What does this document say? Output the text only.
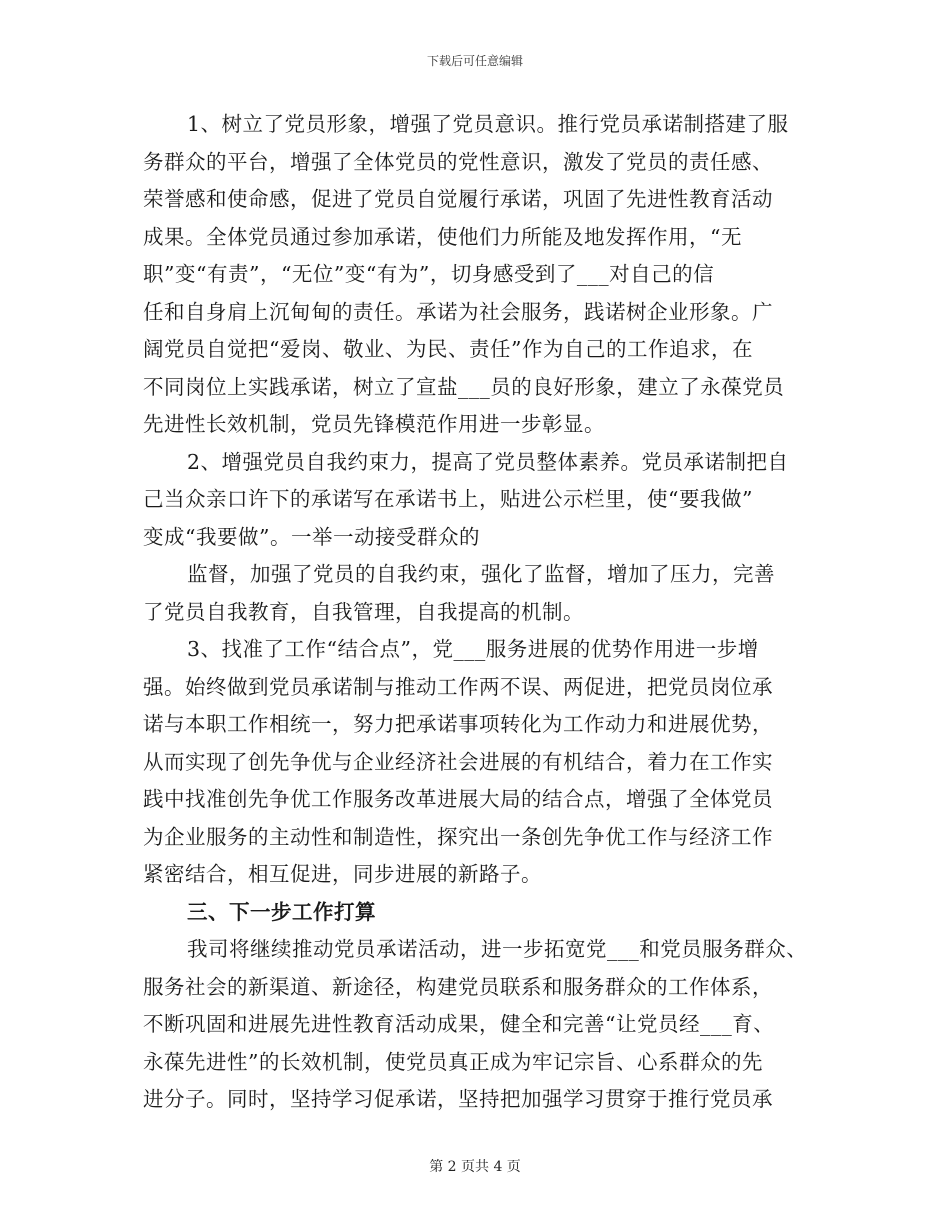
下载后可任意编辑
1、树立了党员形象，增强了党员意识。推行党员承诺制搭建了服
务群众的平台，增强了全体党员的党性意识，激发了党员的责任感、
荣誉感和使命感，促进了党员自觉履行承诺，巩固了先进性教育活动
成果。全体党员通过参加承诺，使他们力所能及地发挥作用，“无
职”变“有责”，“无位”变“有为”，切身感受到了___对自己的信
任和自身肩上沉甸甸的责任。承诺为社会服务，践诺树企业形象。广
阔党员自觉把“爱岗、敬业、为民、责任”作为自己的工作追求，在
不同岗位上实践承诺，树立了宣盐___员的良好形象，建立了永葆党员
先进性长效机制，党员先锋模范作用进一步彰显。
2、增强党员自我约束力，提高了党员整体素养。党员承诺制把自
己当众亲口许下的承诺写在承诺书上，贴进公示栏里，使“要我做”
变成“我要做”。一举一动接受群众的
监督，加强了党员的自我约束，强化了监督，增加了压力，完善
了党员自我教育，自我管理，自我提高的机制。
3、找准了工作“结合点”，党___服务进展的优势作用进一步增
强。始终做到党员承诺制与推动工作两不误、两促进，把党员岗位承
诺与本职工作相统一，努力把承诺事项转化为工作动力和进展优势，
从而实现了创先争优与企业经济社会进展的有机结合，着力在工作实
践中找准创先争优工作服务改革进展大局的结合点，增强了全体党员
为企业服务的主动性和制造性，探究出一条创先争优工作与经济工作
紧密结合，相互促进，同步进展的新路子。
三、下一步工作打算
我司将继续推动党员承诺活动，进一步拓宽党___和党员服务群众、
服务社会的新渠道、新途径，构建党员联系和服务群众的工作体系，
不断巩固和进展先进性教育活动成果，健全和完善“让党员经___育、
永葆先进性”的长效机制，使党员真正成为牢记宗旨、心系群众的先
进分子。同时，坚持学习促承诺，坚持把加强学习贯穿于推行党员承
第 2 页共 4 页
